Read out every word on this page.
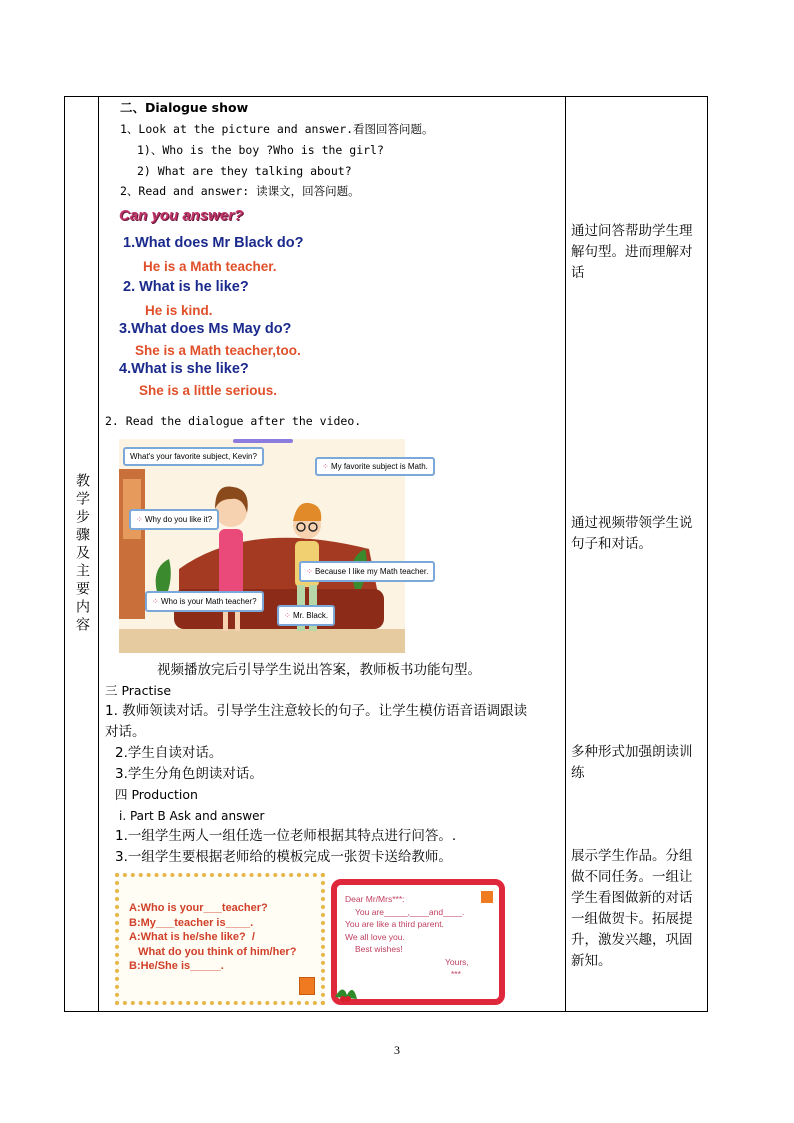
教学步骤及主要内容
二、Dialogue show
1、Look at the picture and answer.看图回答问题。
1)、Who is the boy ?Who is the girl?
2) What are they talking about?
2、Read and answer: 读课文，回答问题。
Can you answer?
1.What does Mr Black do?
He is a Math teacher.
2. What is he like?
He is kind.
3.What does Ms May do?
She is a Math teacher,too.
4.What is she like?
She is a little serious.
2. Read the dialogue after the video.
What's your favorite subject, Kevin?
⁘ My favorite subject is Math.
⁘ Why do you like it?
⁘ Because I like my Math teacher.
⁘ Who is your Math teacher?
⁘ Mr. Black.
视频播放完后引导学生说出答案，教师板书功能句型。
三 Practise
1. 教师领读对话。引导学生注意较长的句子。让学生模仿语音语调跟读
对话。
2.学生自读对话。
3.学生分角色朗读对话。
四 Production
i. Part B Ask and answer
1.一组学生两人一组任选一位老师根据其特点进行问答。.
3.一组学生要根据老师给的模板完成一张贺卡送给教师。
A:Who is your___teacher?
B:My___teacher is____.
A:What is he/she like?  /
What do you think of him/her?
B:He/She is_____.
Dear Mr/Mrs***:
You are_____,____and____.
You are like a third parent.
We all love you.
Best wishes!
Yours,
***
通过问答帮助学生理解句型。进而理解对话
通过视频带领学生说句子和对话。
多种形式加强朗读训练
展示学生作品。分组做不同任务。一组让学生看图做新的对话一组做贺卡。拓展提升，激发兴趣，巩固新知。
3
